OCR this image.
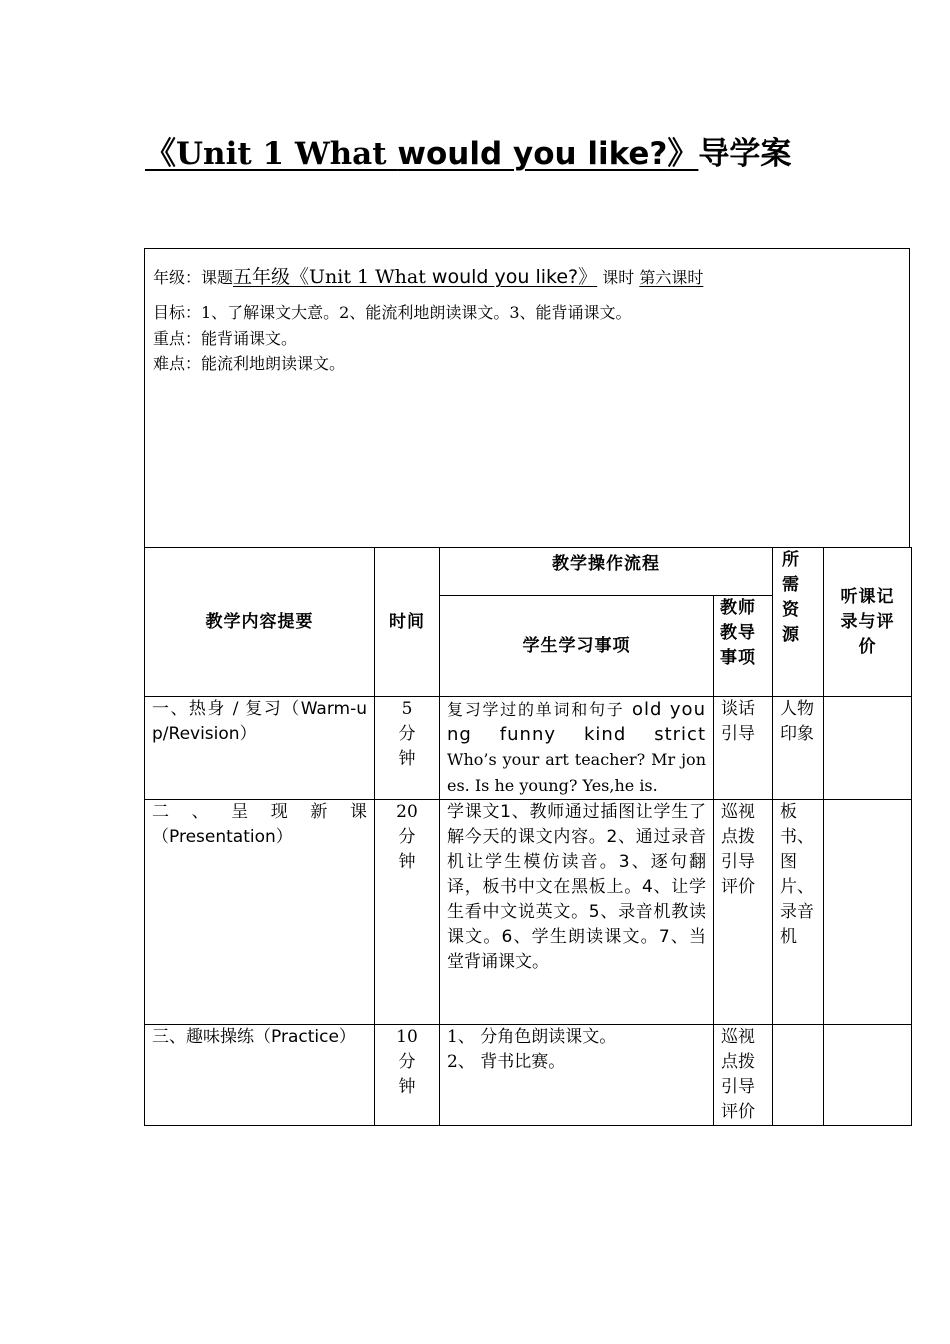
《Unit 1 What would you like?》导学案
年级：课题五年级《Unit 1 What would you like?》 课时 第六课时
目标：1、了解课文大意。2、能流利地朗读课文。3、能背诵课文。
重点：能背诵课文。
难点：能流利地朗读课文。
教学内容提要	时间	教学操作流程		所需资源	听课记录与评价
		学生学习事项	教师教导事项		
一、热身 / 复习（Warm-up/Revision）	5 分钟	复习学过的单词和句子 old young funny kind strict
Who’s your art teacher? Mr jones. Is he young? Yes,he is.	谈话引导	人物印象	

二、呈现新课
（Presentation）	20 分钟	学课文1、教师通过插图让学生了解今天的课文内容。2、通过录音机让学生模仿读音。3、逐句翻译，板书中文在黑板上。4、让学生看中文说英文。5、录音机教读课文。6、学生朗读课文。7、当堂背诵课文。	巡视点拨引导评价	板书、图片、录音机	
三、趣味操练（Practice）	10 分钟	1、 分角色朗读课文。
2、 背书比赛。	巡视点拨引导评价		
